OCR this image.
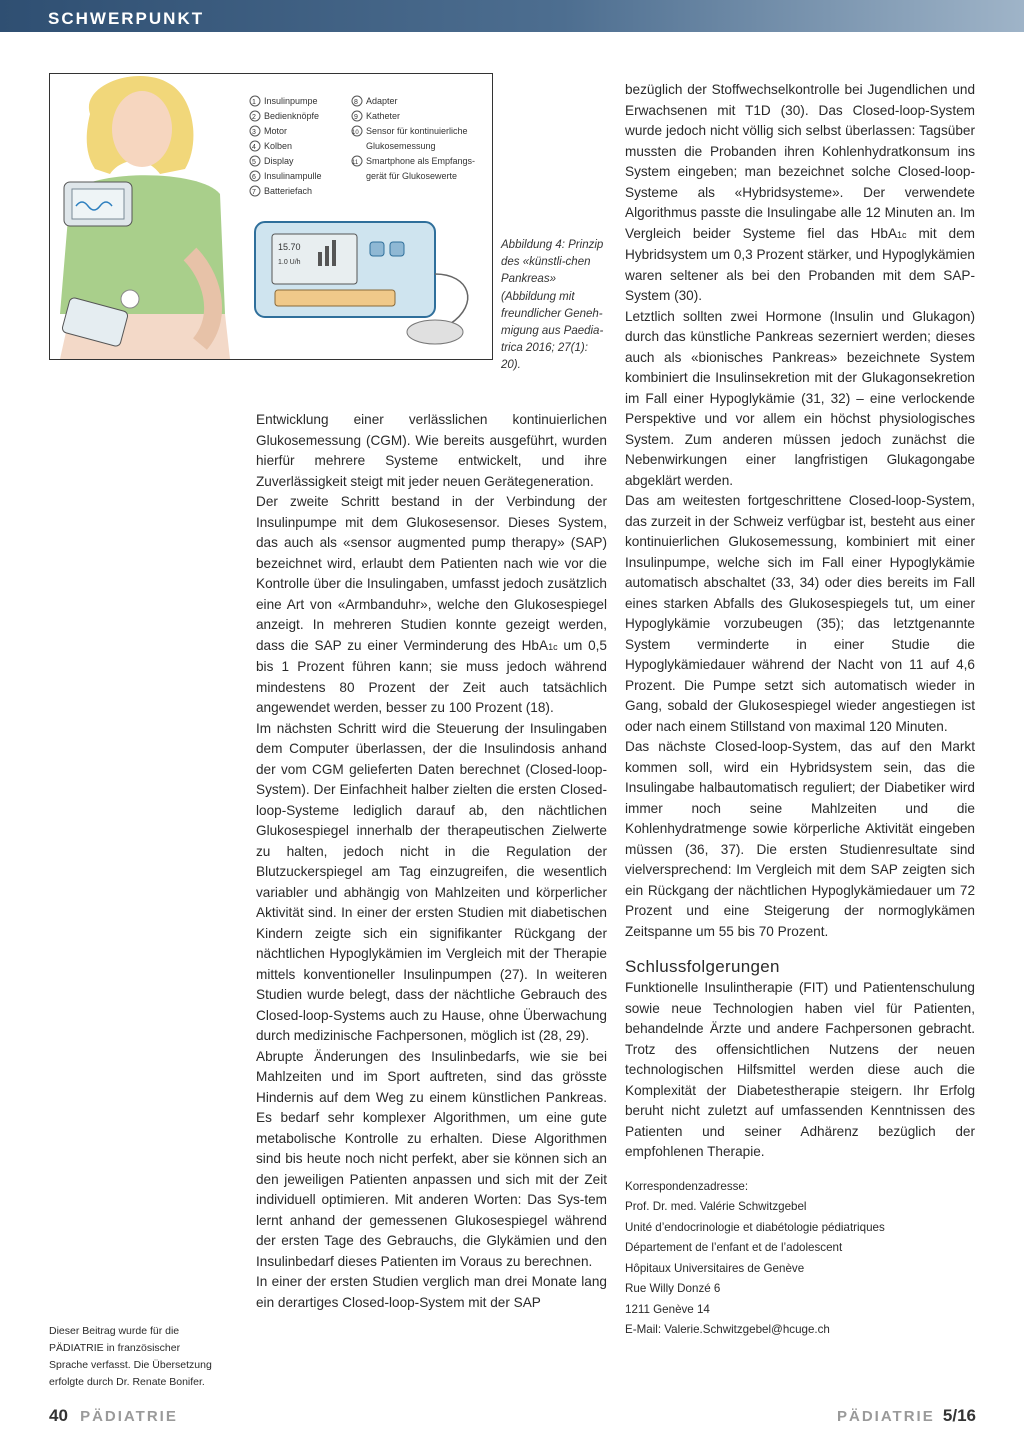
SCHWERPUNKT
15.70
1.0 U/h
1
2
3
4
5
6
7
Insulinpumpe
Bedienknöpfe
Motor
Kolben
Display
Insulinampulle
Batteriefach
8
9
10
11
Adapter
Katheter
Sensor für kontinuierliche Glukosemessung
Smartphone als Empfangs-gerät für Glukosewerte
Abbildung 4: Prinzip des «künstli-chen Pankreas» (Abbildung mit freundlicher Geneh-migung aus Paedia-trica 2016; 27(1): 20).

Entwicklung einer verlässlichen kontinuierlichen Glukosemessung (CGM). Wie bereits ausgeführt, wurden hierfür mehrere Systeme entwickelt, und ihre Zuverlässigkeit steigt mit jeder neuen Gerätegeneration.

Der zweite Schritt bestand in der Verbindung der Insulinpumpe mit dem Glukosesensor. Dieses System, das auch als «sensor augmented pump therapy» (SAP) bezeichnet wird, erlaubt dem Patienten nach wie vor die Kontrolle über die Insulingaben, umfasst jedoch zusätzlich eine Art von «Armbanduhr», welche den Glukosespiegel anzeigt. In mehreren Studien konnte gezeigt werden, dass die SAP zu einer Verminderung des HbA1c um 0,5 bis 1 Prozent führen kann; sie muss jedoch während mindestens 80 Prozent der Zeit auch tatsächlich angewendet werden, besser zu 100 Prozent (18).

Im nächsten Schritt wird die Steuerung der Insulingaben dem Computer überlassen, der die Insulindosis anhand der vom CGM gelieferten Daten berechnet (Closed-loop-System). Der Einfachheit halber zielten die ersten Closed-loop-Systeme lediglich darauf ab, den nächtlichen Glukosespiegel innerhalb der therapeutischen Zielwerte zu halten, jedoch nicht in die Regulation der Blutzuckerspiegel am Tag einzugreifen, die wesentlich variabler und abhängig von Mahlzeiten und körperlicher Aktivität sind. In einer der ersten Studien mit diabetischen Kindern zeigte sich ein signifikanter Rückgang der nächtlichen Hypoglykämien im Vergleich mit der Therapie mittels konventioneller Insulinpumpen (27). In weiteren Studien wurde belegt, dass der nächtliche Gebrauch des Closed-loop-Systems auch zu Hause, ohne Überwachung durch medizinische Fachpersonen, möglich ist (28, 29).

Abrupte Änderungen des Insulinbedarfs, wie sie bei Mahlzeiten und im Sport auftreten, sind das grösste Hindernis auf dem Weg zu einem künstlichen Pankreas. Es bedarf sehr komplexer Algorithmen, um eine gute metabolische Kontrolle zu erhalten. Diese Algorithmen sind bis heute noch nicht perfekt, aber sie können sich an den jeweiligen Patienten anpassen und sich mit der Zeit individuell optimieren. Mit anderen Worten: Das Sys-tem lernt anhand der gemessenen Glukosespiegel während der ersten Tage des Gebrauchs, die Glykämien und den Insulinbedarf dieses Patienten im Voraus zu berechnen.

In einer der ersten Studien verglich man drei Monate lang ein derartiges Closed-loop-System mit der SAP

bezüglich der Stoffwechselkontrolle bei Jugendlichen und Erwachsenen mit T1D (30). Das Closed-loop-System wurde jedoch nicht völlig sich selbst überlassen: Tagsüber mussten die Probanden ihren Kohlenhydratkonsum ins System eingeben; man bezeichnet solche Closed-loop-Systeme als «Hybridsysteme». Der verwendete Algorithmus passte die Insulingabe alle 12 Minuten an. Im Vergleich beider Systeme fiel das HbA1c mit dem Hybridsystem um 0,3 Prozent stärker, und Hypoglykämien waren seltener als bei den Probanden mit dem SAP-System (30).

Letztlich sollten zwei Hormone (Insulin und Glukagon) durch das künstliche Pankreas sezerniert werden; dieses auch als «bionisches Pankreas» bezeichnete System kombiniert die Insulinsekretion mit der Glukagonsekretion im Fall einer Hypoglykämie (31, 32) – eine verlockende Perspektive und vor allem ein höchst physiologisches System. Zum anderen müssen jedoch zunächst die Nebenwirkungen einer langfristigen Glukagongabe abgeklärt werden.

Das am weitesten fortgeschrittene Closed-loop-System, das zurzeit in der Schweiz verfügbar ist, besteht aus einer kontinuierlichen Glukosemessung, kombiniert mit einer Insulinpumpe, welche sich im Fall einer Hypoglykämie automatisch abschaltet (33, 34) oder dies bereits im Fall eines starken Abfalls des Glukosespiegels tut, um einer Hypoglykämie vorzubeugen (35); das letztgenannte System verminderte in einer Studie die Hypoglykämiedauer während der Nacht von 11 auf 4,6 Prozent. Die Pumpe setzt sich automatisch wieder in Gang, sobald der Glukosespiegel wieder angestiegen ist oder nach einem Stillstand von maximal 120 Minuten.

Das nächste Closed-loop-System, das auf den Markt kommen soll, wird ein Hybridsystem sein, das die Insulingabe halbautomatisch reguliert; der Diabetiker wird immer noch seine Mahlzeiten und die Kohlenhydratmenge sowie körperliche Aktivität eingeben müssen (36, 37). Die ersten Studienresultate sind vielversprechend: Im Vergleich mit dem SAP zeigten sich ein Rückgang der nächtlichen Hypoglykämiedauer um 72 Prozent und eine Steigerung der normoglykämen Zeitspanne um 55 bis 70 Prozent.

Schlussfolgerungen

Funktionelle Insulintherapie (FIT) und Patientenschulung sowie neue Technologien haben viel für Patienten, behandelnde Ärzte und andere Fachpersonen gebracht. Trotz des offensichtlichen Nutzens der neuen technologischen Hilfsmittel werden diese auch die Komplexität der Diabetestherapie steigern. Ihr Erfolg beruht nicht zuletzt auf umfassenden Kenntnissen des Patienten und seiner Adhärenz bezüglich der empfohlenen Therapie.

Korrespondenzadresse:
Prof. Dr. med. Valérie Schwitzgebel
Unité d’endocrinologie et diabétologie pédiatriques
Département de l’enfant et de l’adolescent
Hôpitaux Universitaires de Genève
Rue Willy Donzé 6
1211 Genève 14
E-Mail: Valerie.Schwitzgebel@hcuge.ch
Dieser Beitrag wurde für die PÄDIATRIE in französischer Sprache verfasst. Die Übersetzung erfolgte durch Dr. Renate Bonifer.
40 PÄDIATRIE	PÄDIATRIE 5/16
